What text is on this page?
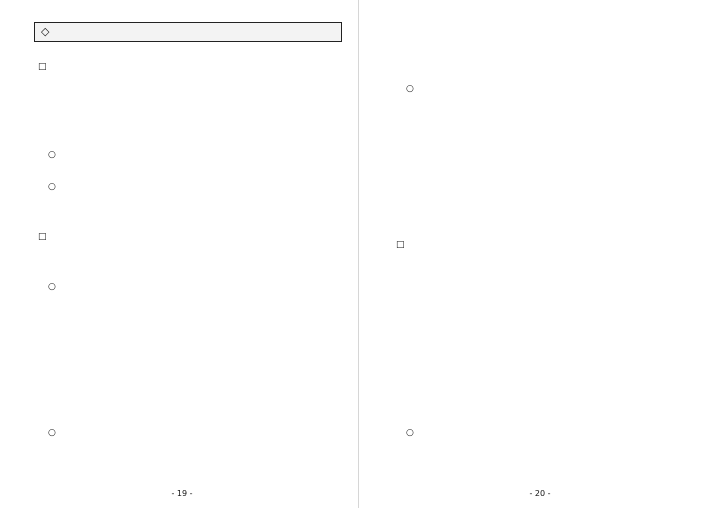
◇
□
□
○
○
○
○
- 19 -
○
□
○
- 20 -
